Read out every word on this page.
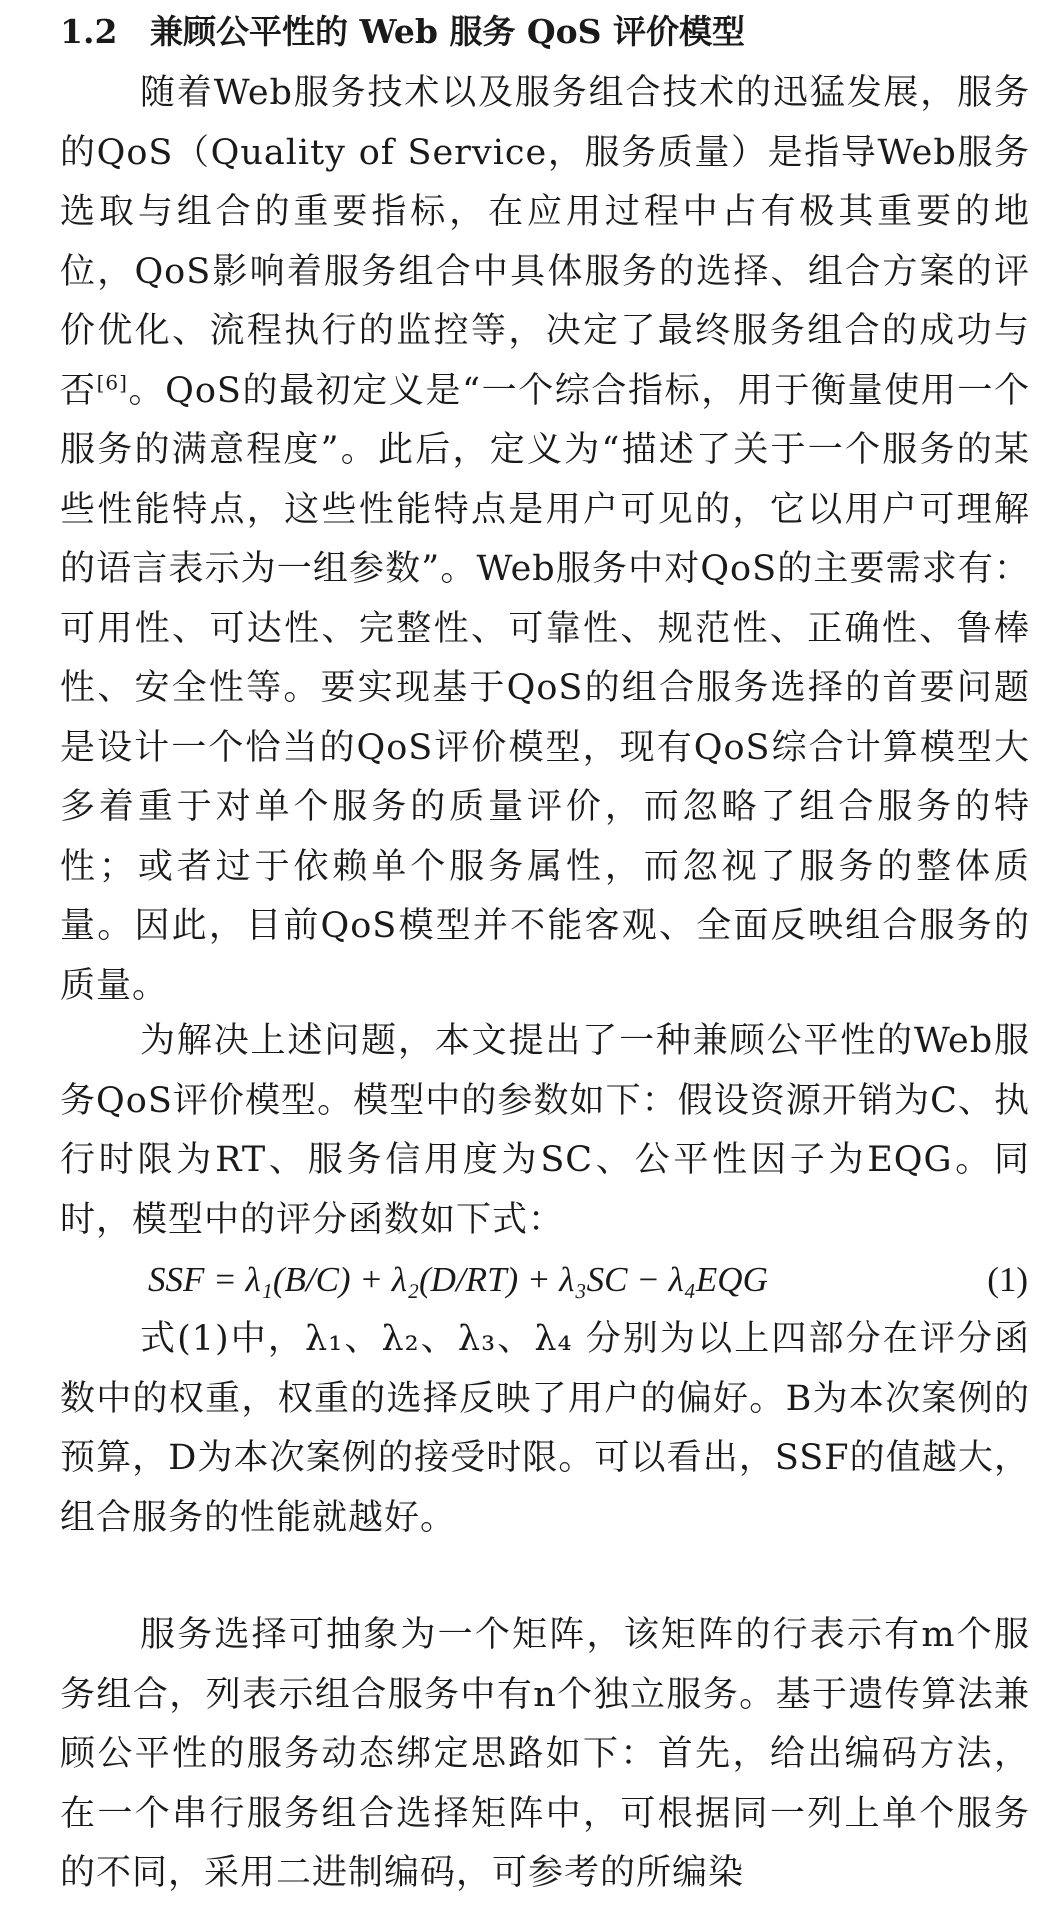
1.2 兼顾公平性的 Web 服务 QoS 评价模型

随着Web服务技术以及服务组合技术的迅猛发展，服务的QoS（Quality of Service，服务质量）是指导Web服务选取与组合的重要指标，在应用过程中占有极其重要的地位，QoS影响着服务组合中具体服务的选择、组合方案的评价优化、流程执行的监控等，决定了最终服务组合的成功与否[6]。QoS的最初定义是“一个综合指标，用于衡量使用一个服务的满意程度”。此后，定义为“描述了关于一个服务的某些性能特点，这些性能特点是用户可见的，它以用户可理解的语言表示为一组参数”。Web服务中对QoS的主要需求有：可用性、可达性、完整性、可靠性、规范性、正确性、鲁棒性、安全性等。要实现基于QoS的组合服务选择的首要问题是设计一个恰当的QoS评价模型，现有QoS综合计算模型大多着重于对单个服务的质量评价，而忽略了组合服务的特性；或者过于依赖单个服务属性，而忽视了服务的整体质量。因此，目前QoS模型并不能客观、全面反映组合服务的质量。

为解决上述问题，本文提出了一种兼顾公平性的Web服务QoS评价模型。模型中的参数如下：假设资源开销为C、执行时限为RT、服务信用度为SC、公平性因子为EQG。同时，模型中的评分函数如下式：

SSF = λ₁(B/C) + λ₂(D/RT) + λ₃SC − λ₄EQG	(1)

式(1)中，λ₁、λ₂、λ₃、λ₄ 分别为以上四部分在评分函数中的权重，权重的选择反映了用户的偏好。B为本次案例的预算，D为本次案例的接受时限。可以看出，SSF的值越大，组合服务的性能就越好。

服务选择可抽象为一个矩阵，该矩阵的行表示有m个服务组合，列表示组合服务中有n个独立服务。基于遗传算法兼顾公平性的服务动态绑定思路如下：首先，给出编码方法，在一个串行服务组合选择矩阵中，可根据同一列上单个服务的不同，采用二进制编码，可参考的所编染
